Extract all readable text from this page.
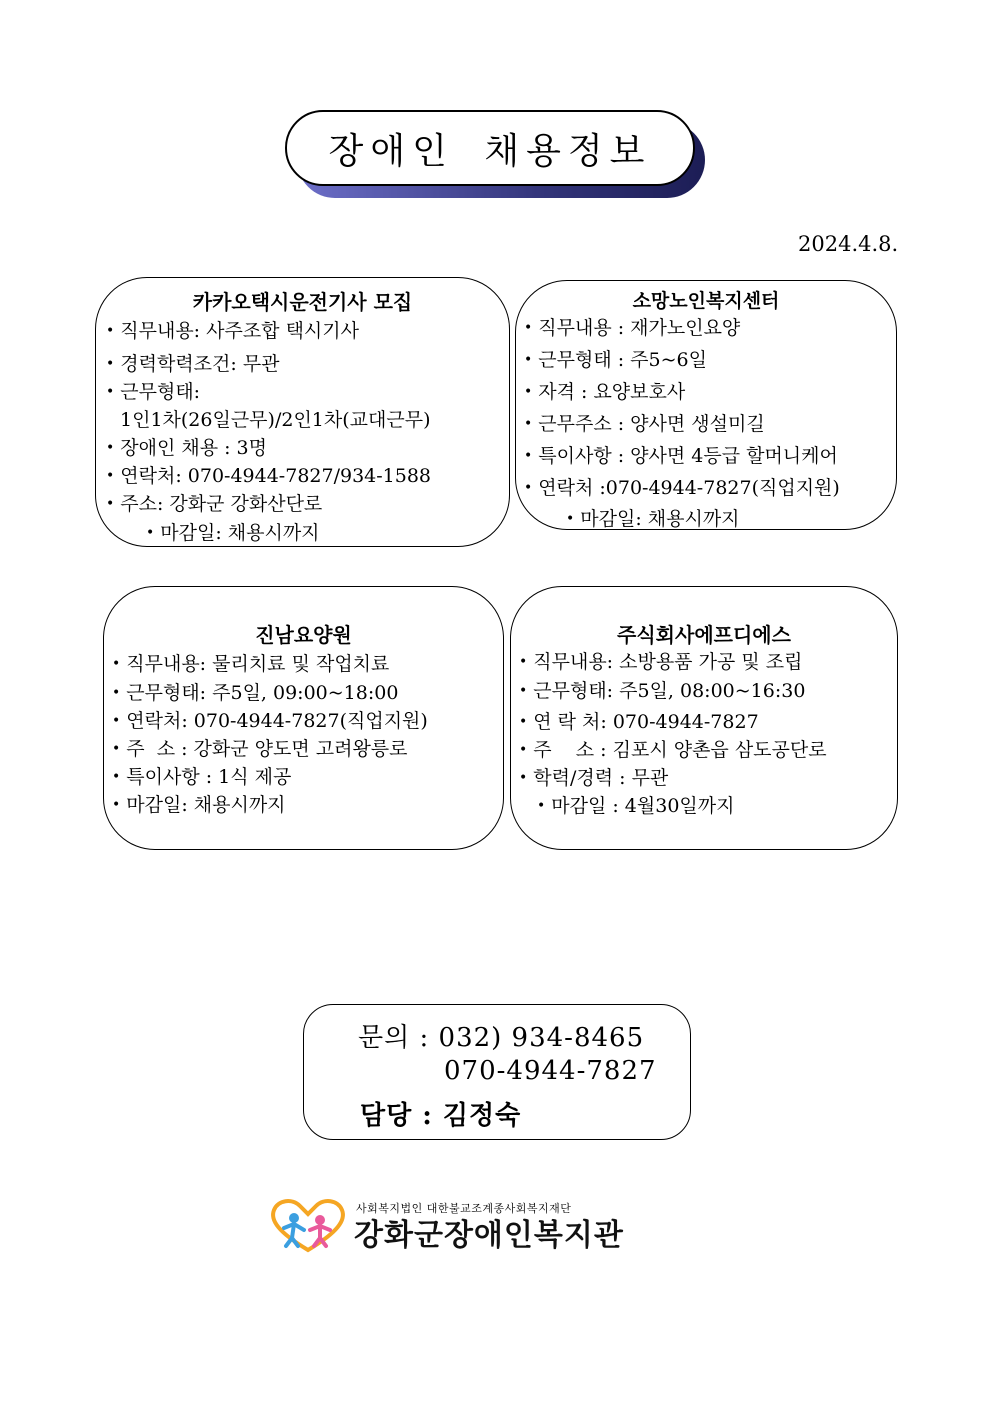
장애인 채용정보
2024.4.8.
카카오택시운전기사 모집
• 직무내용: 사주조합 택시기사
• 경력학력조건: 무관
• 근무형태:
1인1차(26일근무)/2인1차(교대근무)
• 장애인 채용 : 3명
• 연락처: 070-4944-7827/934-1588
• 주소: 강화군 강화산단로
• 마감일: 채용시까지
소망노인복지센터
• 직무내용 : 재가노인요양
• 근무형태 : 주5~6일
• 자격 : 요양보호사
• 근무주소 : 양사면 생설미길
• 특이사항 : 양사면 4등급 할머니케어
• 연락처 :070-4944-7827(직업지원)
• 마감일: 채용시까지
진남요양원
• 직무내용: 물리치료 및 작업치료
• 근무형태: 주5일, 09:00~18:00
• 연락처: 070-4944-7827(직업지원)
• 주  소 : 강화군 양도면 고려왕릉로
• 특이사항 : 1식 제공
• 마감일: 채용시까지
주식회사에프디에스
• 직무내용: 소방용품 가공 및 조립
• 근무형태: 주5일, 08:00~16:30
• 연 락 처: 070-4944-7827
• 주    소 : 김포시 양촌읍 삼도공단로
• 학력/경력 : 무관
• 마감일 : 4월30일까지
문의 : 032) 934-8465
070-4944-7827
담당 : 김정숙
사회복지법인 대한불교조계종사회복지재단
강화군장애인복지관
